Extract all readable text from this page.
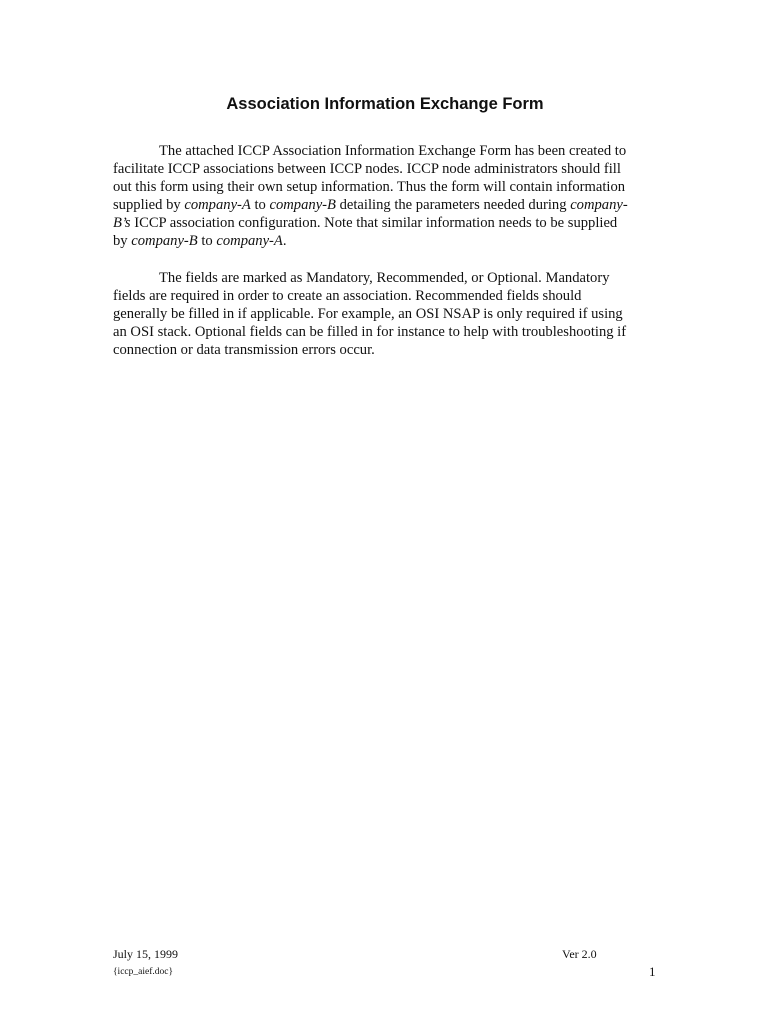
Association Information Exchange Form
The attached ICCP Association Information Exchange Form has been created to
facilitate ICCP associations between ICCP nodes. ICCP node administrators should fill
out this form using their own setup information. Thus the form will contain information
supplied by company-A to company-B detailing the parameters needed during company-
B’s ICCP association configuration. Note that similar information needs to be supplied
by company-B to company-A.
The fields are marked as Mandatory, Recommended, or Optional. Mandatory
fields are required in order to create an association. Recommended fields should
generally be filled in if applicable. For example, an OSI NSAP is only required if using
an OSI stack. Optional fields can be filled in for instance to help with troubleshooting if
connection or data transmission errors occur.
July 15, 1999
{iccp_aief.doc}
Ver 2.0
1
